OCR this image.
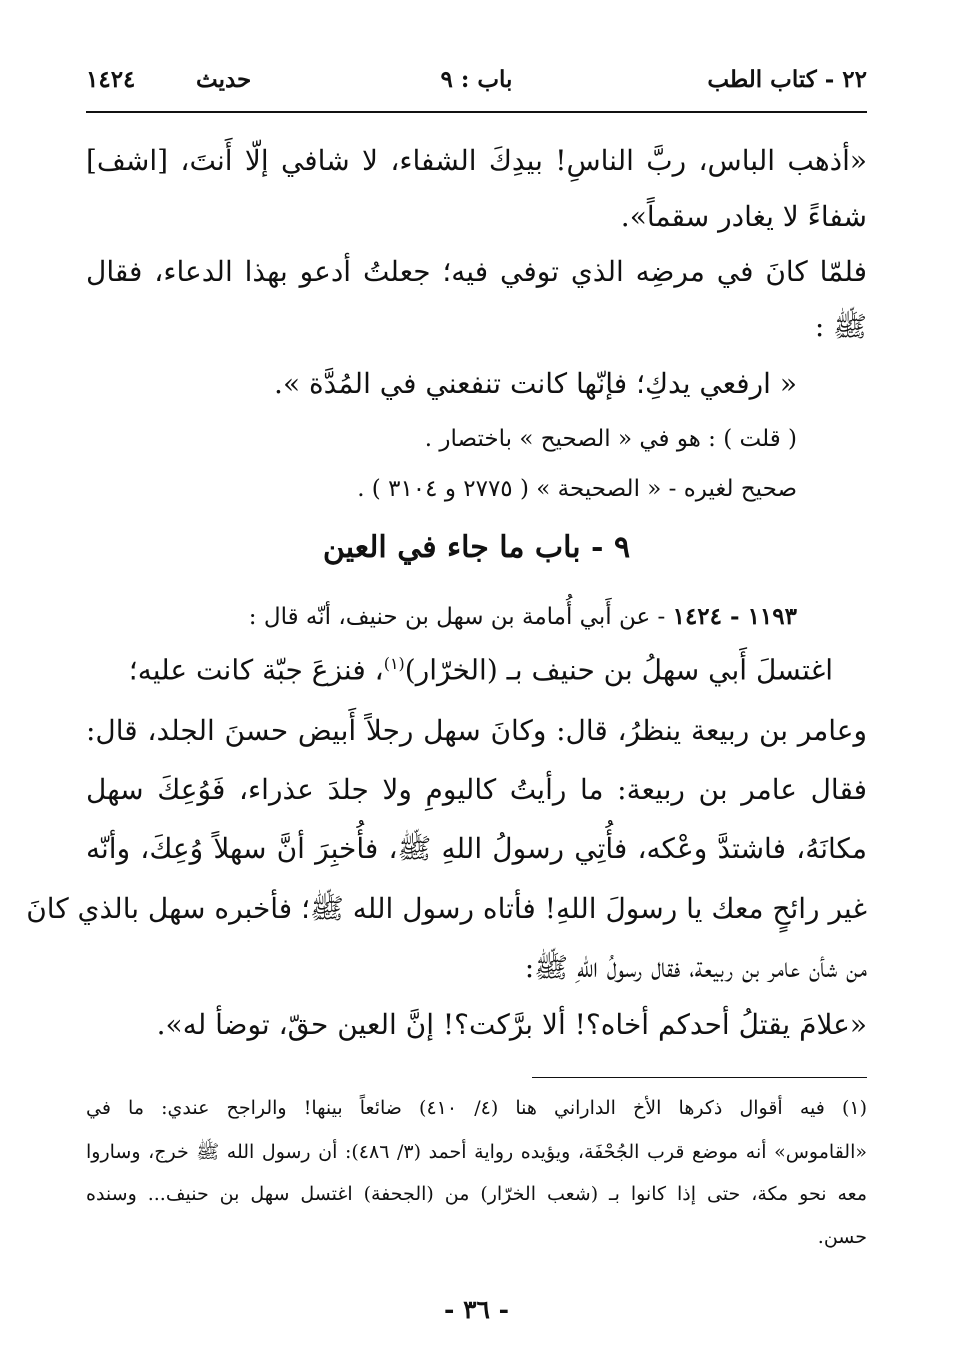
٢٢ - كتاب الطب
باب : ٩
حديث
١٤٢٤
«أذهب الباس، ربَّ الناسِ! بيدِكَ الشفاء، لا شافي إلّا أَنتَ، [اشف]
شفاءً لا يغادر سقماً».
فلمّا كانَ في مرضِه الذي توفي فيه؛ جعلتُ أدعو بهذا الدعاء، فقال
ﷺ :
« ارفعي يدكِ؛ فإنّها كانت تنفعني في المُدَّة ».
( قلت ) : هو في « الصحيح » باختصار .
صحيح لغيره - « الصحيحة » ( ٢٧٧٥ و ٣١٠٤ ) .
٩ - باب ما جاء في العين
١١٩٣ - ١٤٢٤ - عن أَبي أُمامة بن سهل بن حنيف، أنّه قال :
اغتسلَ أَبي سهلُ بن حنيف بـ (الخرّار)$^{(١)}$، فنزعَ جبّة كانت عليه؛
وعامر بن ربيعة ينظرُ، قال: وكانَ سهل رجلاً أَبيض حسنَ الجلد، قال:
فقال عامر بن ربيعة: ما رأيتُ كاليومِ ولا جلدَ عذراء، فَوُعِكَ سهل
مكانَهُ، فاشتدَّ وعْكه، فأُتِي رسولُ اللهِ ﷺ، فأُخبِرَ أنَّ سهلاً وُعِكَ، وأنّه
غير رائحٍ معك يا رسولَ اللهِ! فأتاه رسول الله ﷺ؛ فأخبره سهل بالذي كانَ
من شأن عامر بن ربيعة، فقال رسولُ اللهِ ﷺ:
«علامَ يقتلُ أحدكم أخاه؟! ألا برَّكت؟! إنَّ العين حقّ، توضأ له».
(١) فيه أقوال ذكرها الأخ الداراني هنا (٤/ ٤١٠) ضائعاً بينها! والراجح عندي: ما في
«القاموس» أنه موضع قرب الجُحْفَة، ويؤيده رواية أحمد (٣/ ٤٨٦): أن رسول الله ﷺ خرج، وساروا
معه نحو مكة، حتى إذا كانوا بـ (شعب الخرّار) من (الجحفة) اغتسل سهل بن حنيف... وسنده
حسن.
- ٣٦ -
